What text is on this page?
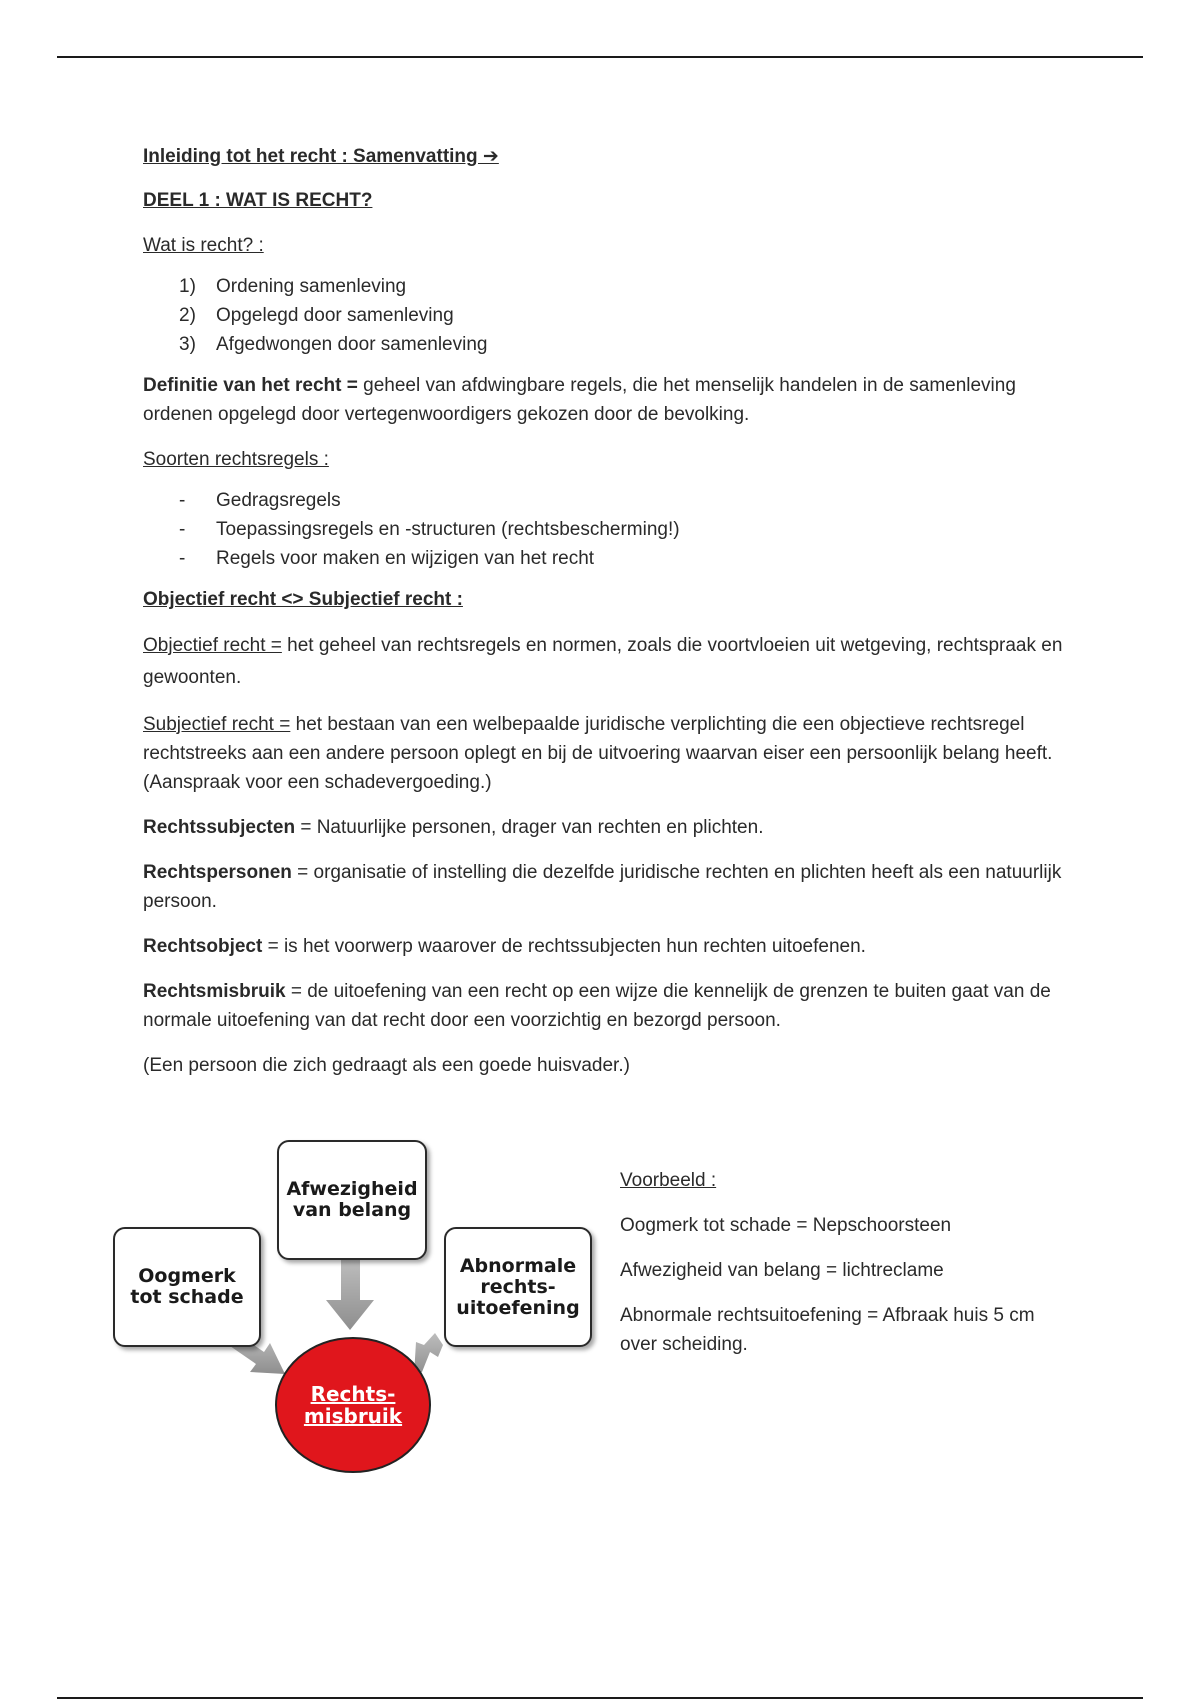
Inleiding tot het recht : Samenvatting ➔

DEEL 1 : WAT IS RECHT?

Wat is recht? :

1) Ordening samenleving
2) Opgelegd door samenleving
3) Afgedwongen door samenleving

Definitie van het recht = geheel van afdwingbare regels, die het menselijk handelen in de samenleving ordenen opgelegd door vertegenwoordigers gekozen door de bevolking.

Soorten rechtsregels :

- Gedragsregels
- Toepassingsregels en -structuren (rechtsbescherming!)
- Regels voor maken en wijzigen van het recht

Objectief recht <> Subjectief recht :

Objectief recht = het geheel van rechtsregels en normen, zoals die voortvloeien uit wetgeving, rechtspraak en gewoonten.

Subjectief recht = het bestaan van een welbepaalde juridische verplichting die een objectieve rechtsregel rechtstreeks aan een andere persoon oplegt en bij de uitvoering waarvan eiser een persoonlijk belang heeft. (Aanspraak voor een schadevergoeding.)

Rechtssubjecten = Natuurlijke personen, drager van rechten en plichten.

Rechtspersonen = organisatie of instelling die dezelfde juridische rechten en plichten heeft als een natuurlijk persoon.

Rechtsobject = is het voorwerp waarover de rechtssubjecten hun rechten uitoefenen.

Rechtsmisbruik = de uitoefening van een recht op een wijze die kennelijk de grenzen te buiten gaat van de normale uitoefening van dat recht door een voorzichtig en bezorgd persoon.

(Een persoon die zich gedraagt als een goede huisvader.)

Afwezigheid
van belang
Oogmerk
tot schade
Abnormale
rechts-
uitoefening
Rechts-misbruik

Voorbeeld :

Oogmerk tot schade = Nepschoorsteen

Afwezigheid van belang = lichtreclame

Abnormale rechtsuitoefening = Afbraak huis 5 cm over scheiding.
